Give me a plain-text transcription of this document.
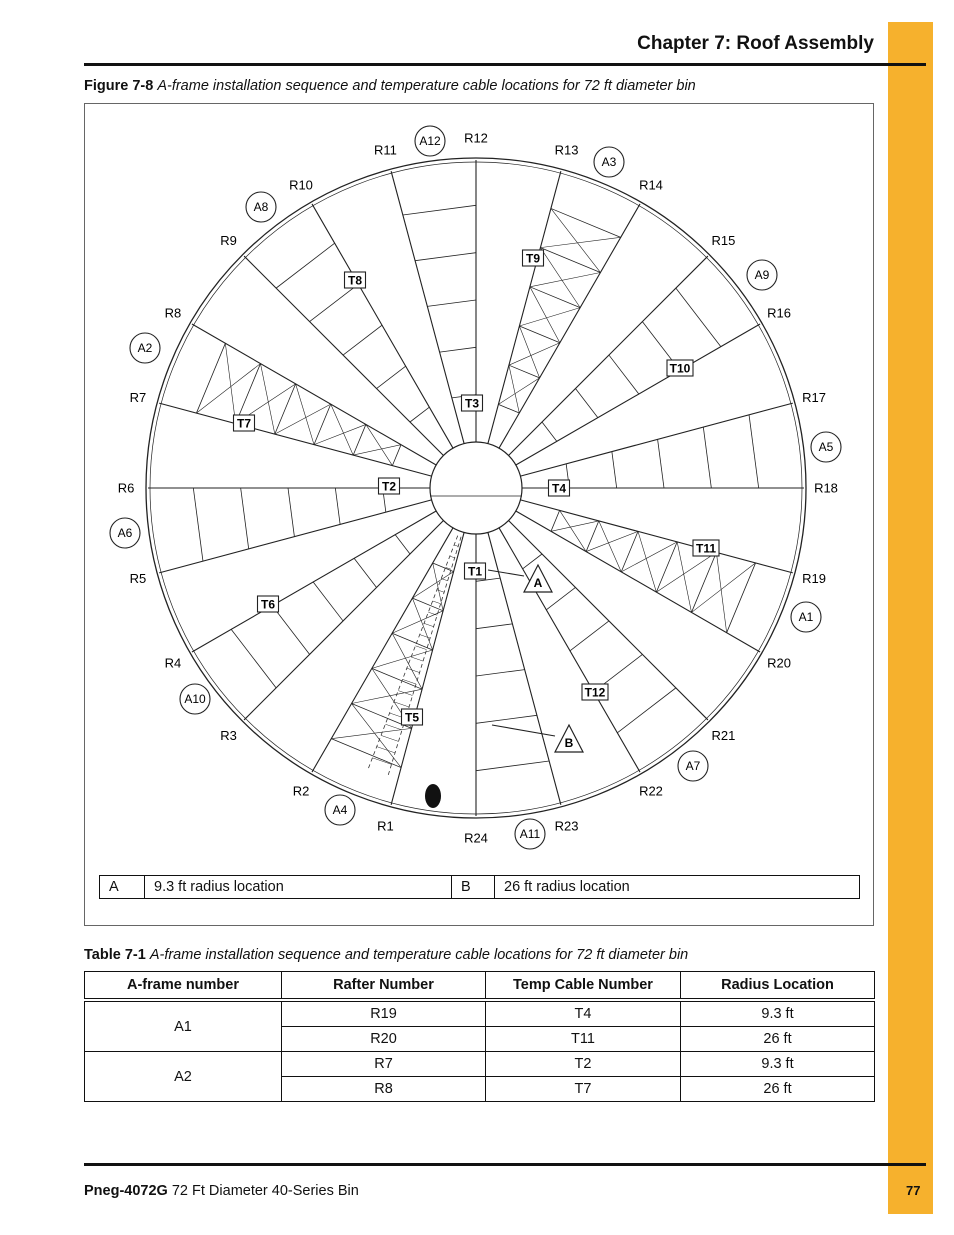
Chapter 7: Roof Assembly
Figure 7-8 A-frame installation sequence and temperature cable locations for 72 ft diameter bin
R1
R2
R3
R4
R5
R6
R7
R8
R9
R10
R11
R12
R13
R14
R15
R16
R17
R18
R19
R20
R21
R22
R23
R24
A1
A2
A3
A4
A5
A6
A7
A8
A9
A10
A11
A12
T1
T2
T3
T4
T5
T6
T7
T8
T9
T10
T11
T12
A
B
A	9.3 ft radius location	B	26 ft radius location
Table 7-1 A-frame installation sequence and temperature cable locations for 72 ft diameter bin
A-frame number	Rafter Number	Temp Cable Number	Radius Location
A1	R19	T4	9.3 ft
	R20	T11	26 ft
A2	R7	T2	9.3 ft
	R8	T7	26 ft
Pneg-4072G 72 Ft Diameter 40-Series Bin	77
